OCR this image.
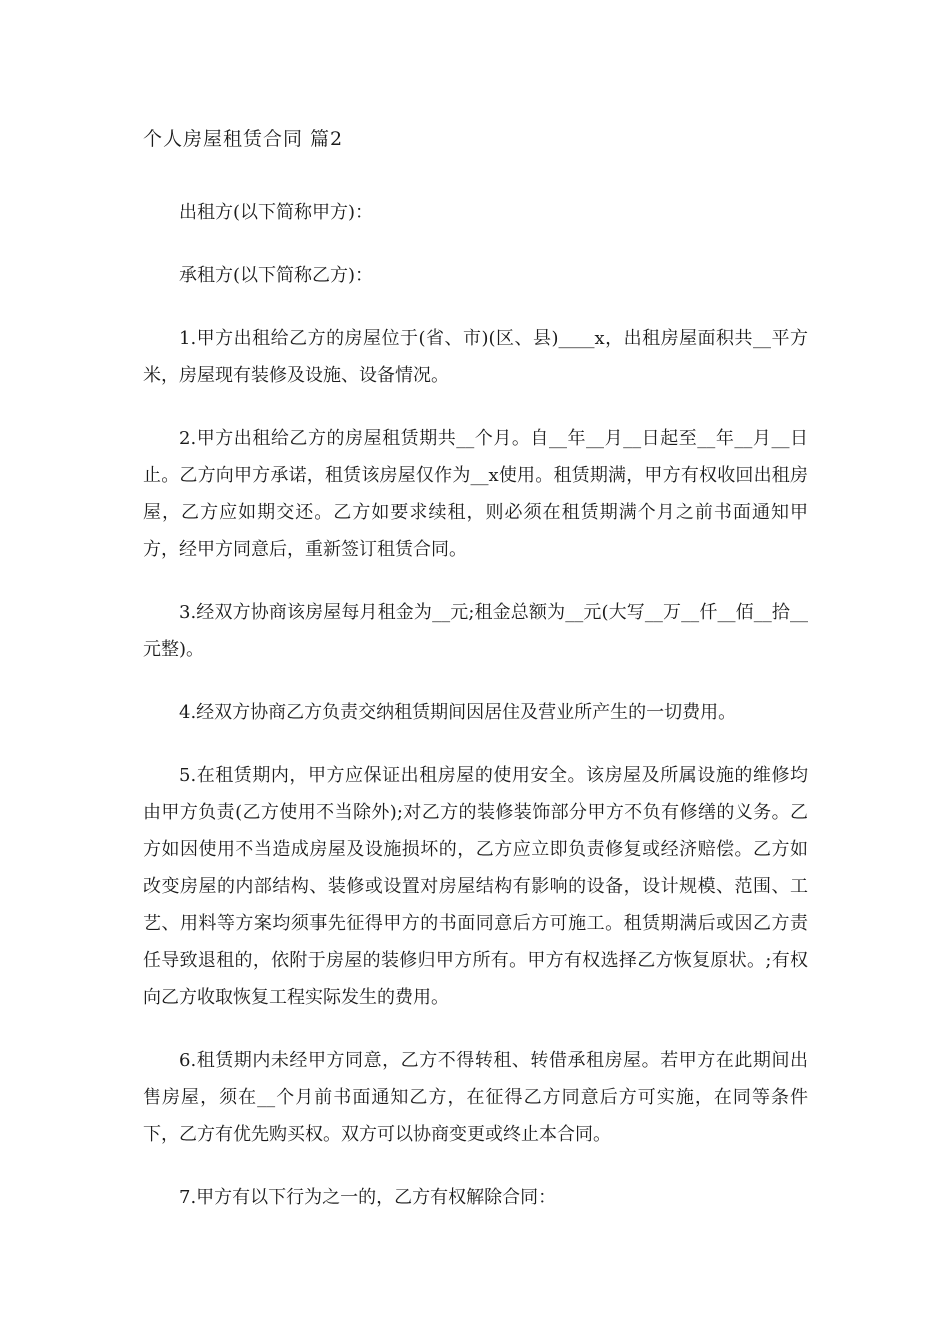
个人房屋租赁合同 篇2

出租方(以下简称甲方)：

承租方(以下简称乙方)：

1.甲方出租给乙方的房屋位于(省、市)(区、县)____x，出租房屋面积共__平方米，房屋现有装修及设施、设备情况。

2.甲方出租给乙方的房屋租赁期共__个月。自__年__月__日起至__年__月__日止。乙方向甲方承诺，租赁该房屋仅作为__x使用。租赁期满，甲方有权收回出租房屋，乙方应如期交还。乙方如要求续租，则必须在租赁期满个月之前书面通知甲方，经甲方同意后，重新签订租赁合同。

3.经双方协商该房屋每月租金为__元;租金总额为__元(大写__万__仟__佰__拾__元整)。

4.经双方协商乙方负责交纳租赁期间因居住及营业所产生的一切费用。

5.在租赁期内，甲方应保证出租房屋的使用安全。该房屋及所属设施的维修均由甲方负责(乙方使用不当除外);对乙方的装修装饰部分甲方不负有修缮的义务。乙方如因使用不当造成房屋及设施损坏的，乙方应立即负责修复或经济赔偿。乙方如改变房屋的内部结构、装修或设置对房屋结构有影响的设备，设计规模、范围、工艺、用料等方案均须事先征得甲方的书面同意后方可施工。租赁期满后或因乙方责任导致退租的，依附于房屋的装修归甲方所有。甲方有权选择乙方恢复原状。;有权向乙方收取恢复工程实际发生的费用。

6.租赁期内未经甲方同意，乙方不得转租、转借承租房屋。若甲方在此期间出售房屋，须在__个月前书面通知乙方，在征得乙方同意后方可实施，在同等条件下，乙方有优先购买权。双方可以协商变更或终止本合同。

7.甲方有以下行为之一的，乙方有权解除合同：
